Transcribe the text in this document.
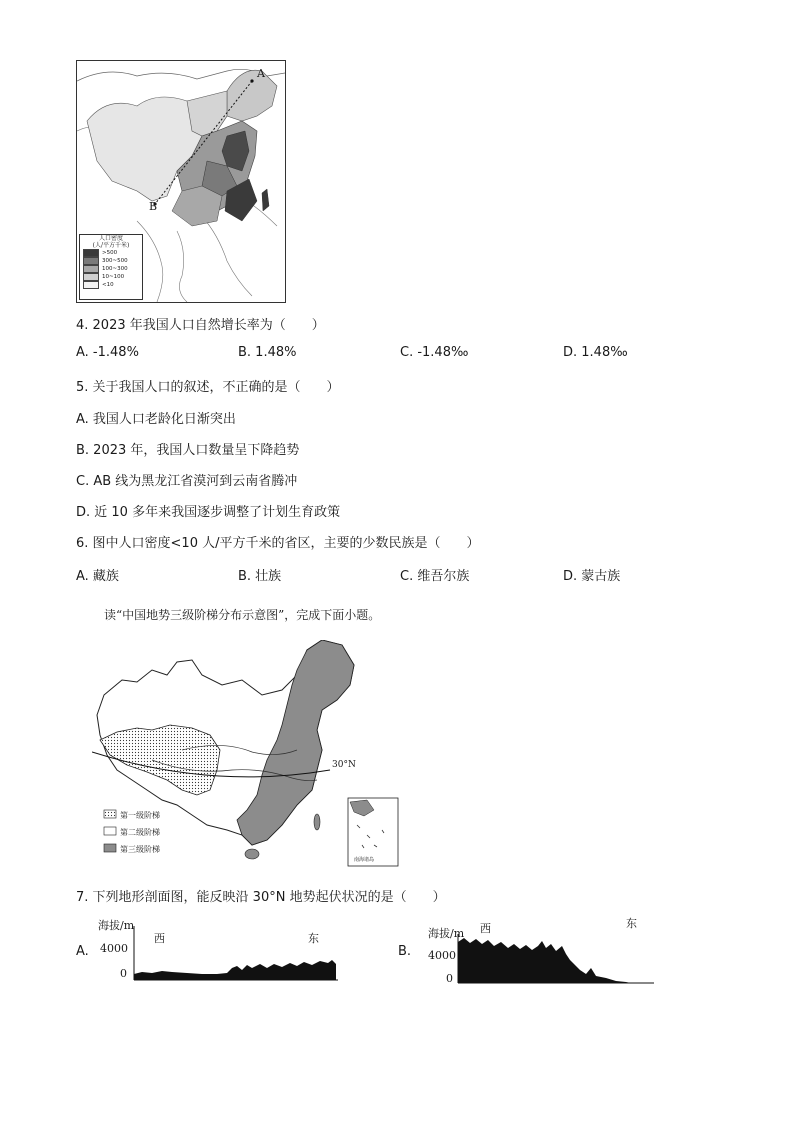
A
B
人口密度
(人/平方千米)
>500
300~500
100~300
10~100
<10
4. 2023 年我国人口自然增长率为（　　）
A. -1.48%	B. 1.48%	C. -1.48‰	D. 1.48‰
5. 关于我国人口的叙述，不正确的是（　　）
A. 我国人口老龄化日渐突出
B. 2023 年，我国人口数量呈下降趋势
C. AB 线为黑龙江省漠河到云南省腾冲
D. 近 10 多年来我国逐步调整了计划生育政策
6. 图中人口密度<10 人/平方千米的省区，主要的少数民族是（　　）
A. 藏族	B. 壮族	C. 维吾尔族	D. 蒙古族
读“中国地势三级阶梯分布示意图”，完成下面小题。
30°N
第一级阶梯
第二级阶梯
第三级阶梯
南海诸岛
7. 下列地形剖面图，能反映沿 30°N 地势起伏状况的是（　　）
A.
海拔/m
4000
0
西	东
B.
海拔/m
4000
0
西	东
